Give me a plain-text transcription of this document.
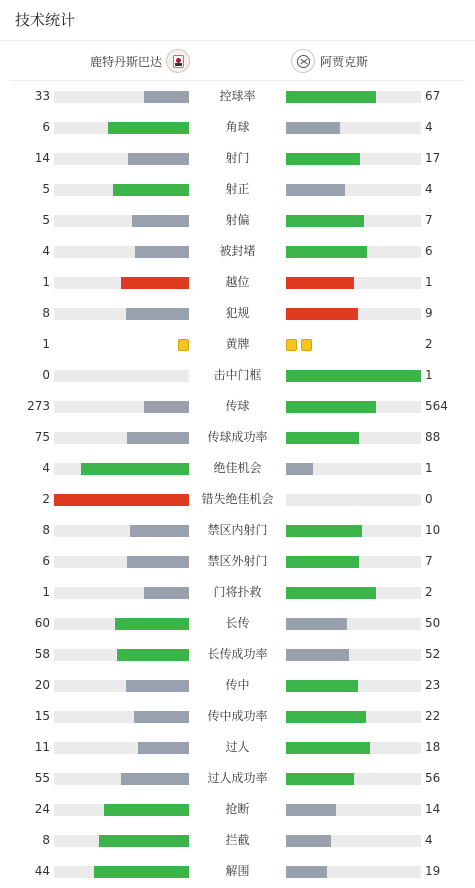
技术统计
鹿特丹斯巴达	阿贾克斯
33	控球率	67
6	角球	4
14	射门	17
5	射正	4
5	射偏	7
4	被封堵	6
1	越位	1
8	犯规	9
1	黄牌	2
0	击中门框	1
273	传球	564
75	传球成功率	88
4	绝佳机会	1
2	错失绝佳机会	0
8	禁区内射门	10
6	禁区外射门	7
1	门将扑救	2
60	长传	50
58	长传成功率	52
20	传中	23
15	传中成功率	22
11	过人	18
55	过人成功率	56
24	抢断	14
8	拦截	4
44	解围	19
